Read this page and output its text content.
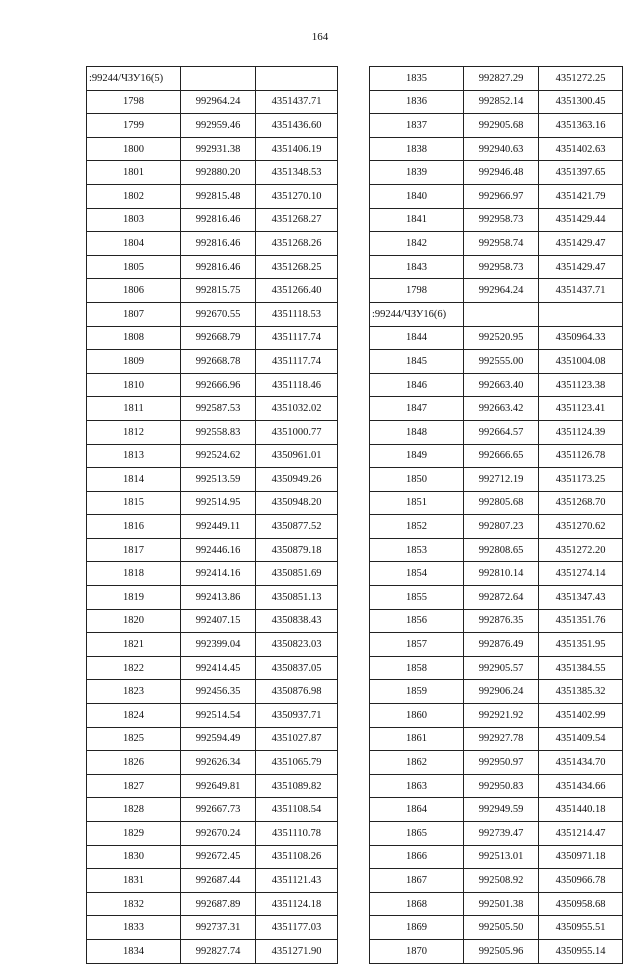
164
:99244/ЧЗУ16(5)		
1798	992964.24	4351437.71
1799	992959.46	4351436.60
1800	992931.38	4351406.19
1801	992880.20	4351348.53
1802	992815.48	4351270.10
1803	992816.46	4351268.27
1804	992816.46	4351268.26
1805	992816.46	4351268.25
1806	992815.75	4351266.40
1807	992670.55	4351118.53
1808	992668.79	4351117.74
1809	992668.78	4351117.74
1810	992666.96	4351118.46
1811	992587.53	4351032.02
1812	992558.83	4351000.77
1813	992524.62	4350961.01
1814	992513.59	4350949.26
1815	992514.95	4350948.20
1816	992449.11	4350877.52
1817	992446.16	4350879.18
1818	992414.16	4350851.69
1819	992413.86	4350851.13
1820	992407.15	4350838.43
1821	992399.04	4350823.03
1822	992414.45	4350837.05
1823	992456.35	4350876.98
1824	992514.54	4350937.71
1825	992594.49	4351027.87
1826	992626.34	4351065.79
1827	992649.81	4351089.82
1828	992667.73	4351108.54
1829	992670.24	4351110.78
1830	992672.45	4351108.26
1831	992687.44	4351121.43
1832	992687.89	4351124.18
1833	992737.31	4351177.03
1834	992827.74	4351271.90
1835	992827.29	4351272.25
1836	992852.14	4351300.45
1837	992905.68	4351363.16
1838	992940.63	4351402.63
1839	992946.48	4351397.65
1840	992966.97	4351421.79
1841	992958.73	4351429.44
1842	992958.74	4351429.47
1843	992958.73	4351429.47
1798	992964.24	4351437.71
:99244/ЧЗУ16(6)		
1844	992520.95	4350964.33
1845	992555.00	4351004.08
1846	992663.40	4351123.38
1847	992663.42	4351123.41
1848	992664.57	4351124.39
1849	992666.65	4351126.78
1850	992712.19	4351173.25
1851	992805.68	4351268.70
1852	992807.23	4351270.62
1853	992808.65	4351272.20
1854	992810.14	4351274.14
1855	992872.64	4351347.43
1856	992876.35	4351351.76
1857	992876.49	4351351.95
1858	992905.57	4351384.55
1859	992906.24	4351385.32
1860	992921.92	4351402.99
1861	992927.78	4351409.54
1862	992950.97	4351434.70
1863	992950.83	4351434.66
1864	992949.59	4351440.18
1865	992739.47	4351214.47
1866	992513.01	4350971.18
1867	992508.92	4350966.78
1868	992501.38	4350958.68
1869	992505.50	4350955.51
1870	992505.96	4350955.14
